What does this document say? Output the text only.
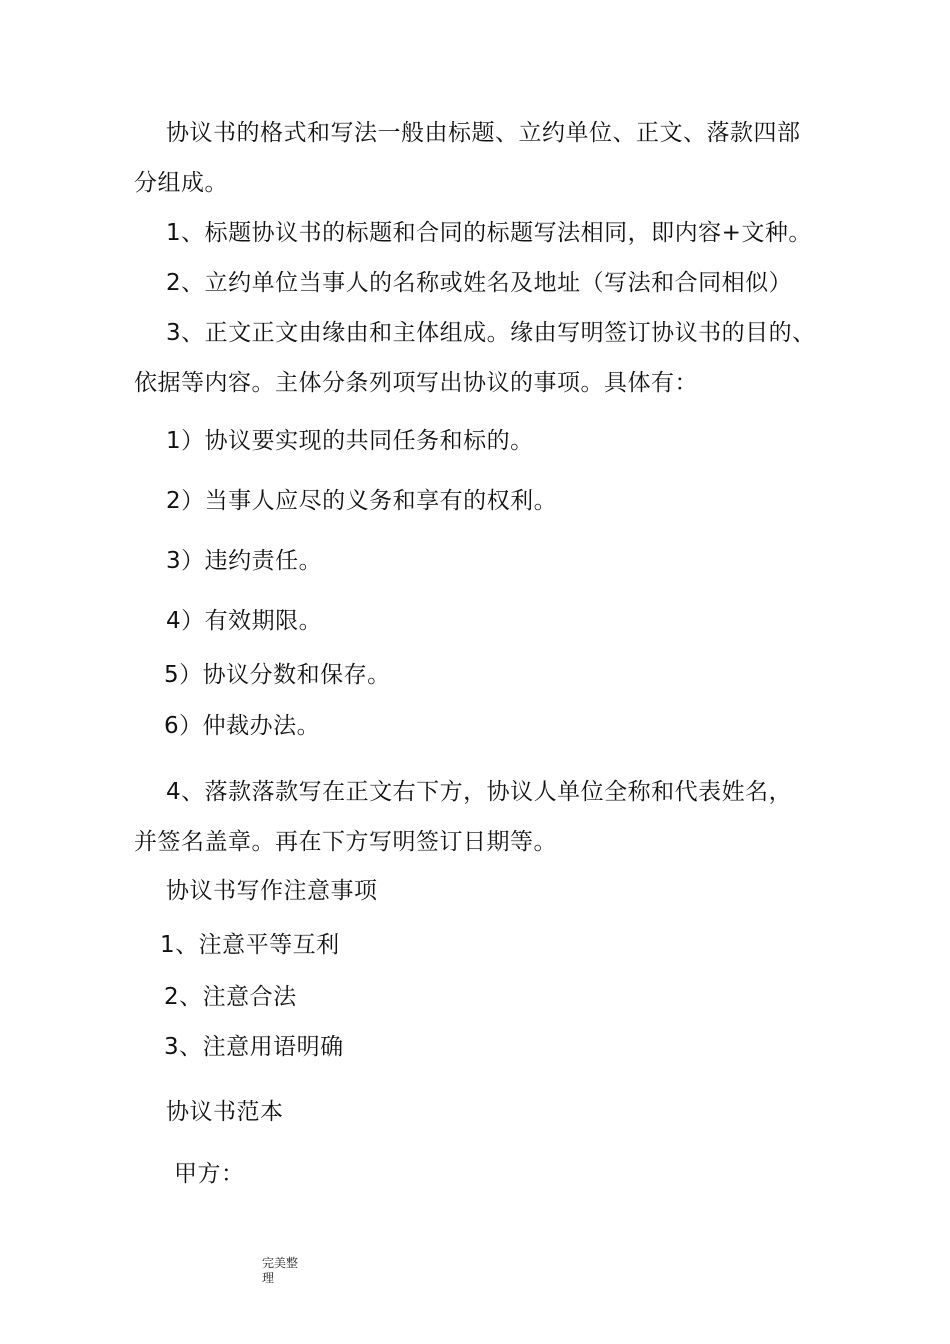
协议书的格式和写法一般由标题、立约单位、正文、落款四部
分组成。
1、标题协议书的标题和合同的标题写法相同，即内容+文种。
2、立约单位当事人的名称或姓名及地址（写法和合同相似）
3、正文正文由缘由和主体组成。缘由写明签订协议书的目的、
依据等内容。主体分条列项写出协议的事项。具体有：
1）协议要实现的共同任务和标的。
2）当事人应尽的义务和享有的权利。
3）违约责任。
4）有效期限。
5）协议分数和保存。
6）仲裁办法。
4、落款落款写在正文右下方，协议人单位全称和代表姓名，
并签名盖章。再在下方写明签订日期等。
协议书写作注意事项
1、注意平等互利
2、注意合法
3、注意用语明确
协议书范本
甲方：
完美整
理
